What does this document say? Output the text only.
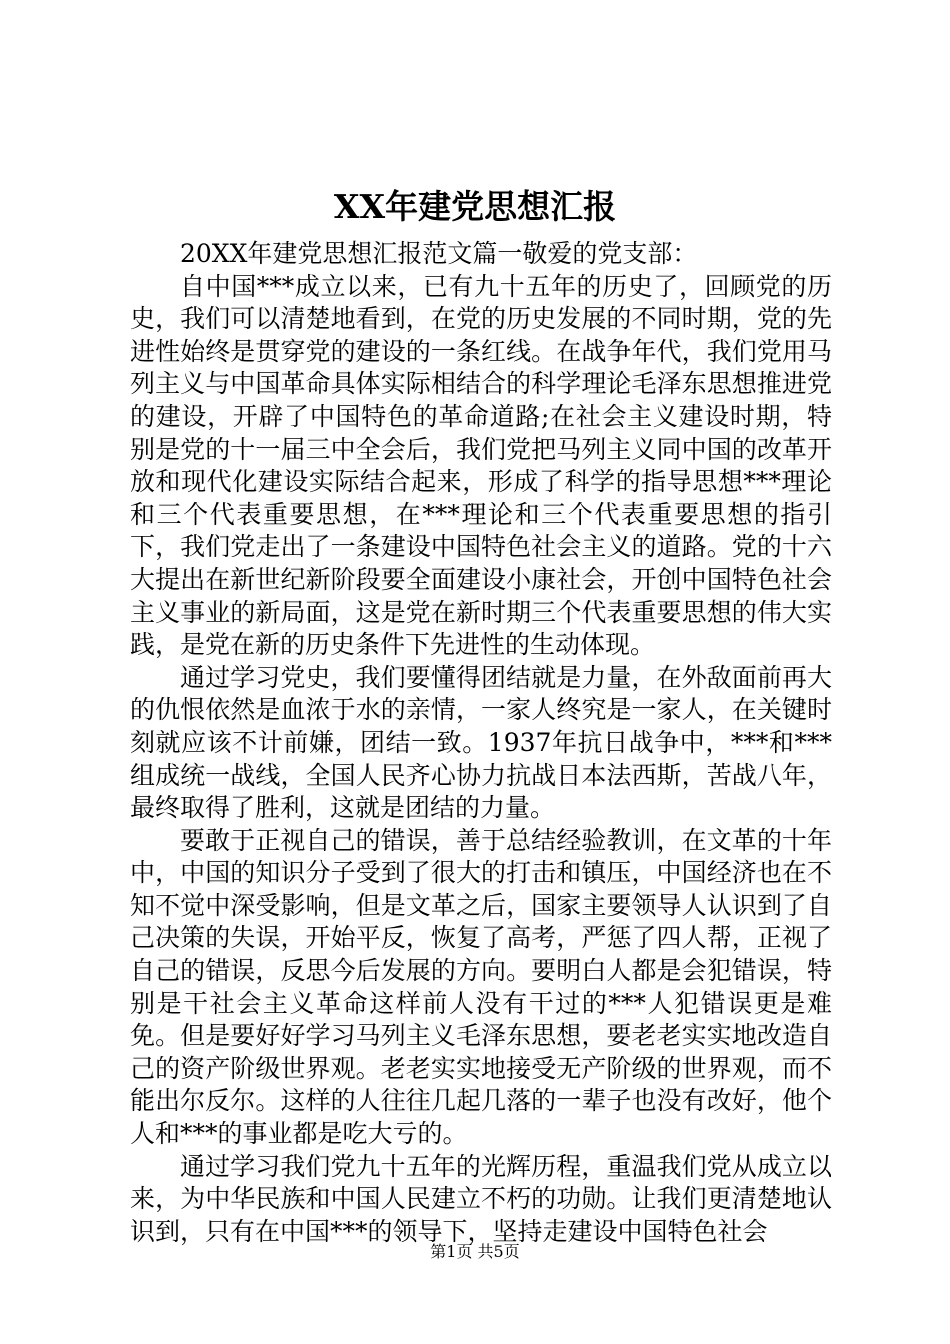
XX年建党思想汇报

20XX年建党思想汇报范文篇一敬爱的党支部：

自中国***成立以来，已有九十五年的历史了，回顾党的历史，我们可以清楚地看到，在党的历史发展的不同时期，党的先进性始终是贯穿党的建设的一条红线。在战争年代，我们党用马列主义与中国革命具体实际相结合的科学理论毛泽东思想推进党的建设，开辟了中国特色的革命道路;在社会主义建设时期，特别是党的十一届三中全会后，我们党把马列主义同中国的改革开放和现代化建设实际结合起来，形成了科学的指导思想***理论和三个代表重要思想，在***理论和三个代表重要思想的指引下，我们党走出了一条建设中国特色社会主义的道路。党的十六大提出在新世纪新阶段要全面建设小康社会，开创中国特色社会主义事业的新局面，这是党在新时期三个代表重要思想的伟大实践，是党在新的历史条件下先进性的生动体现。

通过学习党史，我们要懂得团结就是力量，在外敌面前再大的仇恨依然是血浓于水的亲情，一家人终究是一家人，在关键时刻就应该不计前嫌，团结一致。1937年抗日战争中，***和***组成统一战线，全国人民齐心协力抗战日本法西斯，苦战八年，最终取得了胜利，这就是团结的力量。

要敢于正视自己的错误，善于总结经验教训，在文革的十年中，中国的知识分子受到了很大的打击和镇压，中国经济也在不知不觉中深受影响，但是文革之后，国家主要领导人认识到了自己决策的失误，开始平反，恢复了高考，严惩了四人帮，正视了自己的错误，反思今后发展的方向。要明白人都是会犯错误，特别是干社会主义革命这样前人没有干过的***人犯错误更是难免。但是要好好学习马列主义毛泽东思想，要老老实实地改造自己的资产阶级世界观。老老实实地接受无产阶级的世界观，而不能出尔反尔。这样的人往往几起几落的一辈子也没有改好，他个人和***的事业都是吃大亏的。

通过学习我们党九十五年的光辉历程，重温我们党从成立以来，为中华民族和中国人民建立不朽的功勋。让我们更清楚地认识到，只有在中国***的领导下，坚持走建设中国特色社会

第1页 共5页
